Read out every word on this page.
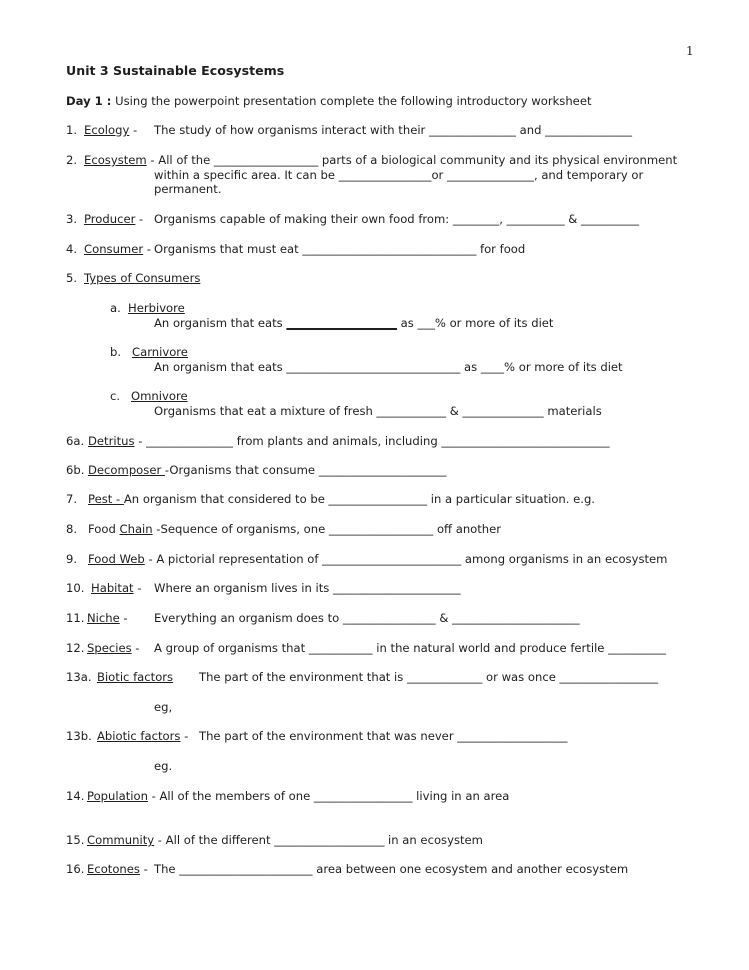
1
Unit 3 Sustainable Ecosystems
Day 1 : Using the powerpoint presentation complete the following introductory worksheet
1. Ecology - The study of how organisms interact with their _______________ and _______________
2. Ecosystem - All of the __________________ parts of a biological community and its physical environment
within a specific area. It can be ________________or _______________, and temporary or
permanent.
3. Producer - Organisms capable of making their own food from: ________, __________ & __________
4. Consumer - Organisms that must eat ______________________________ for food
5. Types of Consumers
a. Herbivore
An organism that eats	as ___% or more of its diet
b. Carnivore
An organism that eats ______________________________ as ____% or more of its diet
c. Omnivore
Organisms that eat a mixture of fresh ____________ & ______________ materials
6a. Detritus - _______________ from plants and animals, including _____________________________
6b. Decomposer -Organisms that consume ______________________
7. Pest - An organism that considered to be _________________ in a particular situation. e.g.
8. Food Chain -Sequence of organisms, one __________________ off another
9. Food Web - A pictorial representation of ________________________ among organisms in an ecosystem
10. Habitat - Where an organism lives in its ______________________
11. Niche - Everything an organism does to ________________ & ______________________
12. Species - A group of organisms that ___________ in the natural world and produce fertile __________
13a. Biotic factors The part of the environment that is _____________ or was once _________________
eg,
13b. Abiotic factors - The part of the environment that was never ___________________
eg.
14. Population - All of the members of one _________________ living in an area
15. Community - All of the different ___________________ in an ecosystem
16. Ecotones - The _______________________ area between one ecosystem and another ecosystem
